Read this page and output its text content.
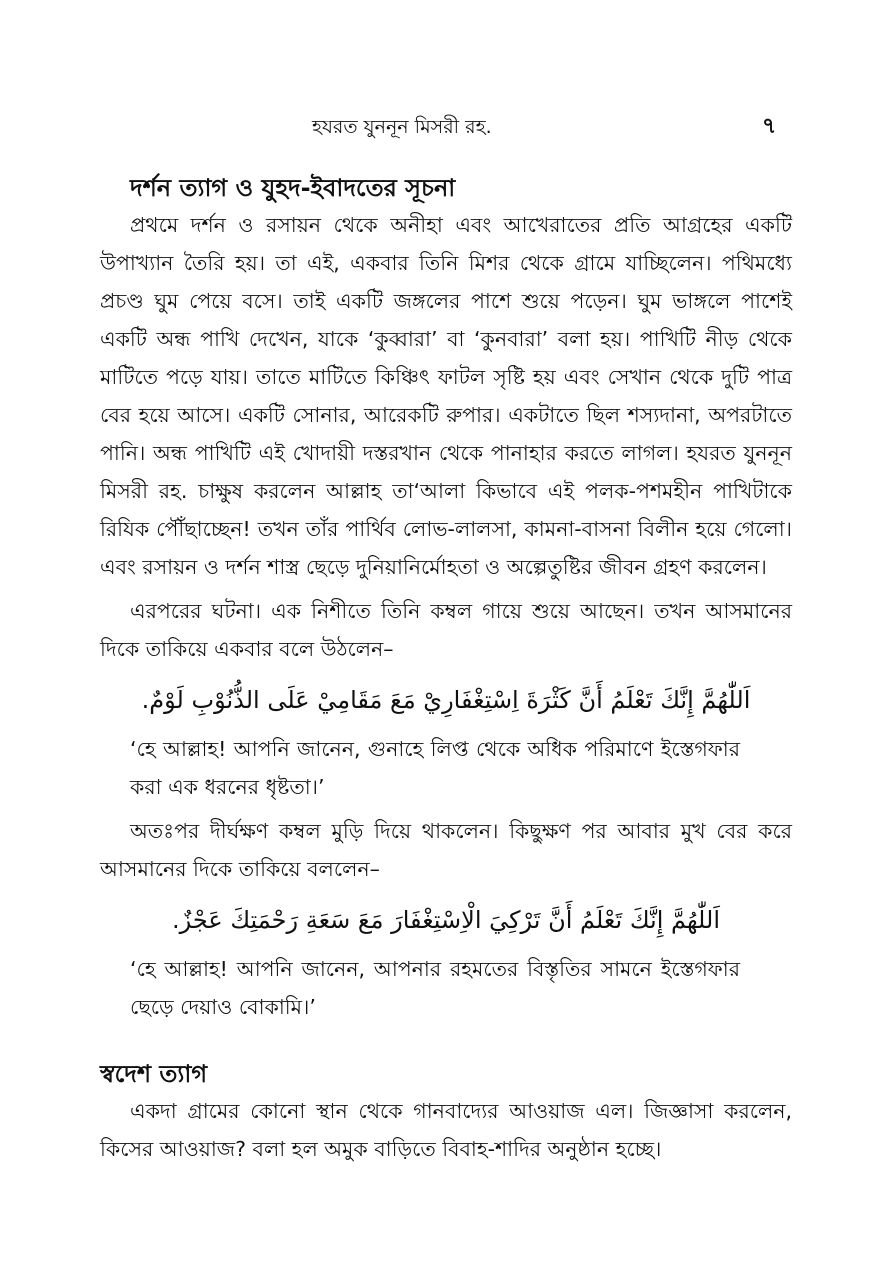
হযরত যুননূন মিসরী রহ.	৭
দর্শন ত্যাগ ও যুহদ-ইবাদতের সূচনা

প্রথমে দর্শন ও রসায়ন থেকে অনীহা এবং আখেরাতের প্রতি আগ্রহের একটি উপাখ্যান তৈরি হয়। তা এই, একবার তিনি মিশর থেকে গ্রামে যাচ্ছিলেন। পথিমধ্যে প্রচণ্ড ঘুম পেয়ে বসে। তাই একটি জঙ্গলের পাশে শুয়ে পড়েন। ঘুম ভাঙ্গলে পাশেই একটি অন্ধ পাখি দেখেন, যাকে ‘কুব্বারা’ বা ‘কুনবারা’ বলা হয়। পাখিটি নীড় থেকে মাটিতে পড়ে যায়। তাতে মাটিতে কিঞ্চিৎ ফাটল সৃষ্টি হয় এবং সেখান থেকে দুটি পাত্র বের হয়ে আসে। একটি সোনার, আরেকটি রুপার। একটাতে ছিল শস্যদানা, অপরটাতে পানি। অন্ধ পাখিটি এই খোদায়ী দস্তরখান থেকে পানাহার করতে লাগল। হযরত যুননূন মিসরী রহ. চাক্ষুষ করলেন আল্লাহ তা‘আলা কিভাবে এই পলক-পশমহীন পাখিটাকে রিযিক পৌঁছাচ্ছেন! তখন তাঁর পার্থিব লোভ-লালসা, কামনা-বাসনা বিলীন হয়ে গেলো। এবং রসায়ন ও দর্শন শাস্ত্র ছেড়ে দুনিয়ানির্মোহতা ও অল্পেতুষ্টির জীবন গ্রহণ করলেন।

এরপরের ঘটনা। এক নিশীতে তিনি কম্বল গায়ে শুয়ে আছেন। তখন আসমানের দিকে তাকিয়ে একবার বলে উঠলেন–

اَللّٰهُمَّ إِنَّكَ تَعْلَمُ أَنَّ كَثْرَةَ اِسْتِغْفَارِيْ مَعَ مَقَامِيْ عَلَى الذُّنُوْبِ لَوْمٌ.
‘হে আল্লাহ! আপনি জানেন, গুনাহে লিপ্ত থেকে অধিক পরিমাণে ইস্তেগফার করা এক ধরনের ধৃষ্টতা।’

অতঃপর দীর্ঘক্ষণ কম্বল মুড়ি দিয়ে থাকলেন। কিছুক্ষণ পর আবার মুখ বের করে আসমানের দিকে তাকিয়ে বললেন–

اَللّٰهُمَّ إِنَّكَ تَعْلَمُ أَنَّ تَرْكِيَ الْاِسْتِغْفَارَ مَعَ سَعَةِ رَحْمَتِكَ عَجْزٌ.
‘হে আল্লাহ! আপনি জানেন, আপনার রহমতের বিস্তৃতির সামনে ইস্তেগফার ছেড়ে দেয়াও বোকামি।’
স্বদেশ ত্যাগ

একদা গ্রামের কোনো স্থান থেকে গানবাদ্যের আওয়াজ এল। জিজ্ঞাসা করলেন, কিসের আওয়াজ? বলা হল অমুক বাড়িতে বিবাহ-শাদির অনুষ্ঠান হচ্ছে।
